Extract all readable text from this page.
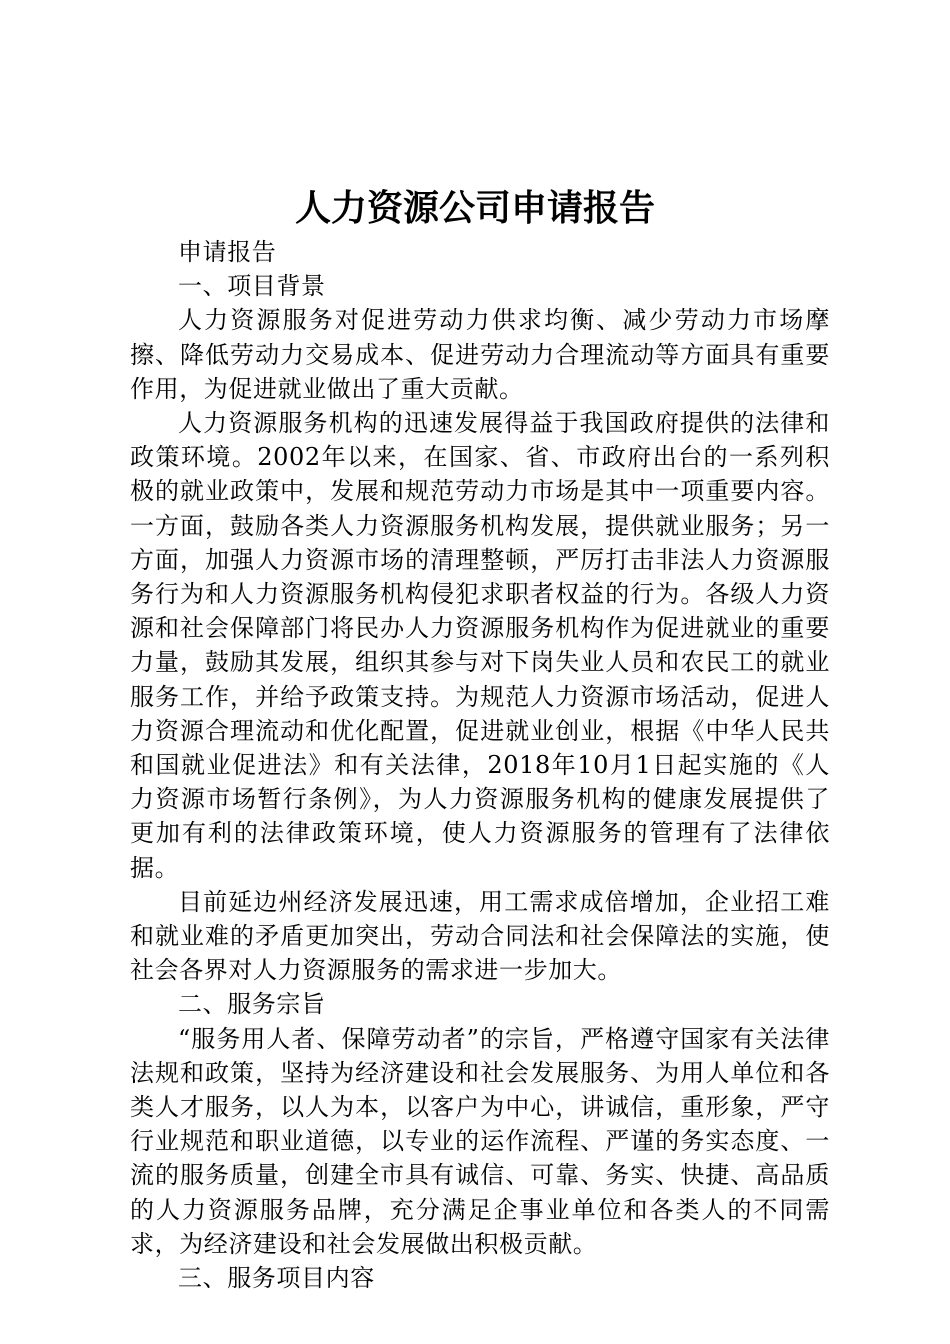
人力资源公司申请报告

申请报告

一、项目背景

人力资源服务对促进劳动力供求均衡、减少劳动力市场摩擦、降低劳动力交易成本、促进劳动力合理流动等方面具有重要作用，为促进就业做出了重大贡献。

人力资源服务机构的迅速发展得益于我国政府提供的法律和政策环境。2002年以来，在国家、省、市政府出台的一系列积极的就业政策中，发展和规范劳动力市场是其中一项重要内容。一方面，鼓励各类人力资源服务机构发展，提供就业服务；另一方面，加强人力资源市场的清理整顿，严厉打击非法人力资源服务行为和人力资源服务机构侵犯求职者权益的行为。各级人力资源和社会保障部门将民办人力资源服务机构作为促进就业的重要力量，鼓励其发展，组织其参与对下岗失业人员和农民工的就业服务工作，并给予政策支持。为规范人力资源市场活动，促进人力资源合理流动和优化配置，促进就业创业，根据《中华人民共和国就业促进法》和有关法律，2018年10月1日起实施的《人力资源市场暂行条例》，为人力资源服务机构的健康发展提供了更加有利的法律政策环境，使人力资源服务的管理有了法律依据。

目前延边州经济发展迅速，用工需求成倍增加，企业招工难和就业难的矛盾更加突出，劳动合同法和社会保障法的实施，使社会各界对人力资源服务的需求进一步加大。

二、服务宗旨

“服务用人者、保障劳动者”的宗旨，严格遵守国家有关法律法规和政策，坚持为经济建设和社会发展服务、为用人单位和各类人才服务，以人为本，以客户为中心，讲诚信，重形象，严守行业规范和职业道德，以专业的运作流程、严谨的务实态度、一流的服务质量，创建全市具有诚信、可靠、务实、快捷、高品质的人力资源服务品牌，充分满足企事业单位和各类人的不同需求，为经济建设和社会发展做出积极贡献。

三、服务项目内容
